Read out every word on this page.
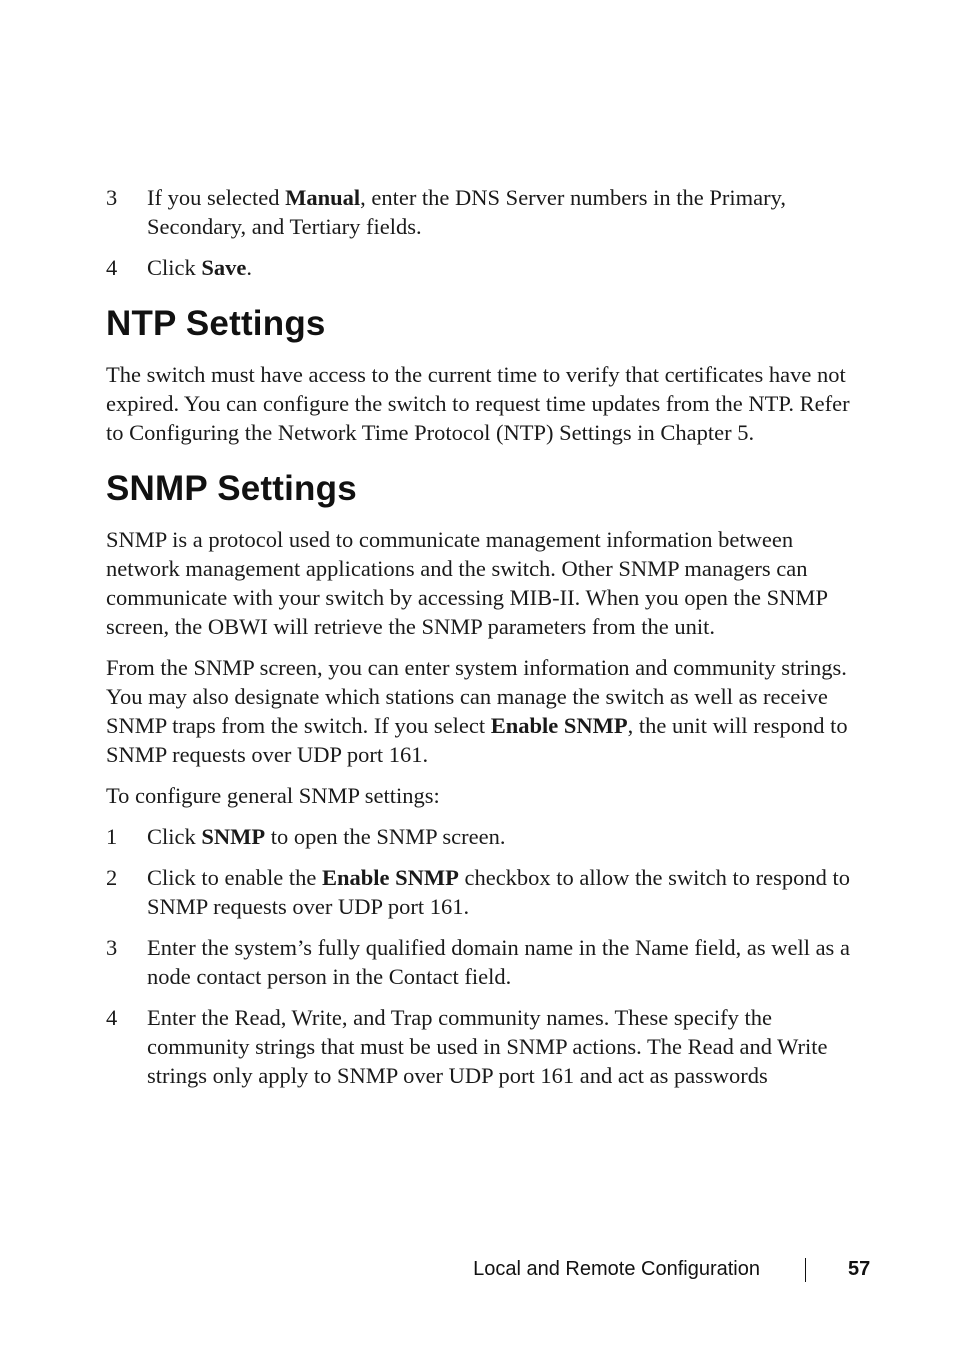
3	If you selected Manual, enter the DNS Server numbers in the Primary, Secondary, and Tertiary fields.
4	Click Save.
NTP Settings

The switch must have access to the current time to verify that certificates have not expired. You can configure the switch to request time updates from the NTP. Refer to Configuring the Network Time Protocol (NTP) Settings in Chapter 5.

SNMP Settings

SNMP is a protocol used to communicate management information between network management applications and the switch. Other SNMP managers can communicate with your switch by accessing MIB-II. When you open the SNMP screen, the OBWI will retrieve the SNMP parameters from the unit.

From the SNMP screen, you can enter system information and community strings. You may also designate which stations can manage the switch as well as receive SNMP traps from the switch. If you select Enable SNMP, the unit will respond to SNMP requests over UDP port 161.

To configure general SNMP settings:

1	Click SNMP to open the SNMP screen.
2	Click to enable the Enable SNMP checkbox to allow the switch to respond to SNMP requests over UDP port 161.
3	Enter the system’s fully qualified domain name in the Name field, as well as a node contact person in the Contact field.
4	Enter the Read, Write, and Trap community names. These specify the community strings that must be used in SNMP actions. The Read and Write strings only apply to SNMP over UDP port 161 and act as passwords
Local and Remote Configuration	57
